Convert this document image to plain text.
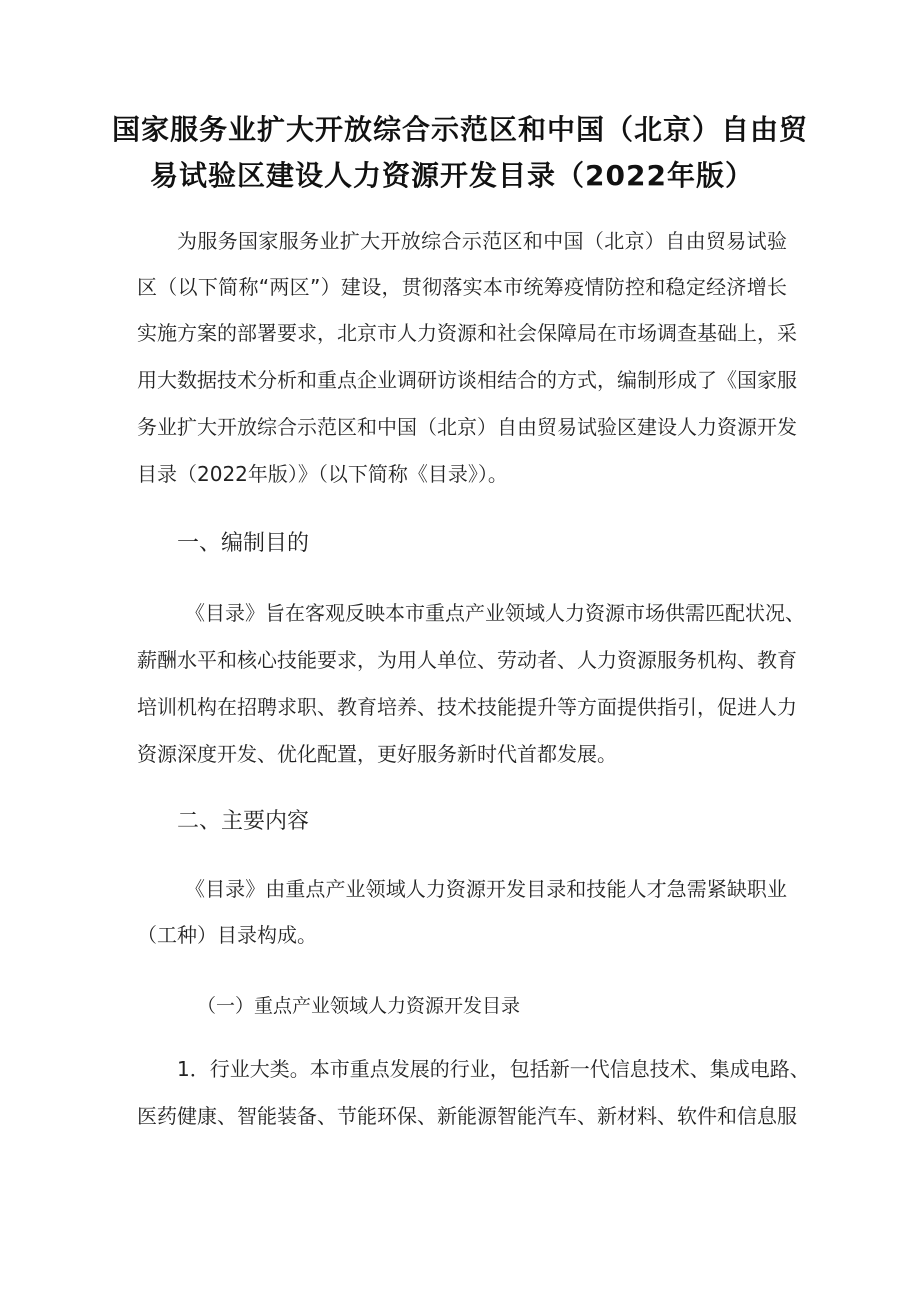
国家服务业扩大开放综合示范区和中国（北京）自由贸
易试验区建设人力资源开发目录（2022年版）
为服务国家服务业扩大开放综合示范区和中国（北京）自由贸易试验
区（以下简称“两区”）建设，贯彻落实本市统筹疫情防控和稳定经济增长
实施方案的部署要求，北京市人力资源和社会保障局在市场调查基础上，采
用大数据技术分析和重点企业调研访谈相结合的方式，编制形成了《国家服
务业扩大开放综合示范区和中国（北京）自由贸易试验区建设人力资源开发
目录（2022年版）》（以下简称《目录》）。
一、编制目的
《目录》旨在客观反映本市重点产业领域人力资源市场供需匹配状况、
薪酬水平和核心技能要求，为用人单位、劳动者、人力资源服务机构、教育
培训机构在招聘求职、教育培养、技术技能提升等方面提供指引，促进人力
资源深度开发、优化配置，更好服务新时代首都发展。
二、主要内容
《目录》由重点产业领域人力资源开发目录和技能人才急需紧缺职业
（工种）目录构成。
（一）重点产业领域人力资源开发目录
1．行业大类。本市重点发展的行业，包括新一代信息技术、集成电路、
医药健康、智能装备、节能环保、新能源智能汽车、新材料、软件和信息服
